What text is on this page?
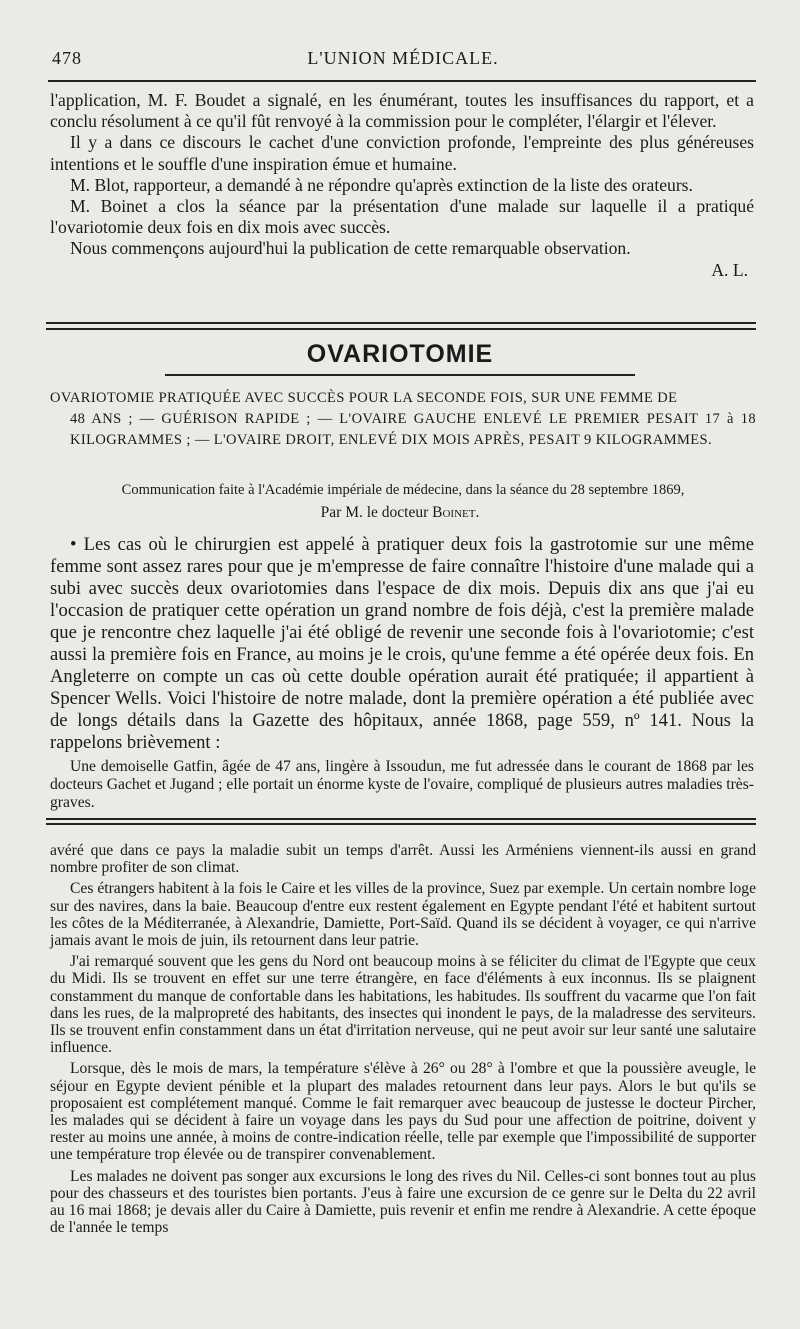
478	L'UNION MÉDICALE.

l'application, M. F. Boudet a signalé, en les énumérant, toutes les insuffisances du rapport, et a conclu résolument à ce qu'il fût renvoyé à la commission pour le compléter, l'élargir et l'élever.

Il y a dans ce discours le cachet d'une conviction profonde, l'empreinte des plus généreuses intentions et le souffle d'une inspiration émue et humaine.

M. Blot, rapporteur, a demandé à ne répondre qu'après extinction de la liste des orateurs.

M. Boinet a clos la séance par la présentation d'une malade sur laquelle il a pratiqué l'ovariotomie deux fois en dix mois avec succès.

Nous commençons aujourd'hui la publication de cette remarquable observation.

A. L.

OVARIOTOMIE
OVARIOTOMIE PRATIQUÉE AVEC SUCCÈS POUR LA SECONDE FOIS, SUR UNE FEMME DE
48 ANS ; — GUÉRISON RAPIDE ; — L'OVAIRE GAUCHE ENLEVÉ LE PREMIER PESAIT 17 à 18 KILOGRAMMES ; — L'OVAIRE DROIT, ENLEVÉ DIX MOIS APRÈS, PESAIT 9 KILOGRAMMES.
Communication faite à l'Académie impériale de médecine, dans la séance du 28 septembre 1869,
Par M. le docteur Boinet.

• Les cas où le chirurgien est appelé à pratiquer deux fois la gastrotomie sur une même femme sont assez rares pour que je m'empresse de faire connaître l'histoire d'une malade qui a subi avec succès deux ovariotomies dans l'espace de dix mois. Depuis dix ans que j'ai eu l'occasion de pratiquer cette opération un grand nombre de fois déjà, c'est la première malade que je rencontre chez laquelle j'ai été obligé de revenir une seconde fois à l'ovariotomie; c'est aussi la première fois en France, au moins je le crois, qu'une femme a été opérée deux fois. En Angleterre on compte un cas où cette double opération aurait été pratiquée; il appartient à Spencer Wells. Voici l'histoire de notre malade, dont la première opération a été publiée avec de longs détails dans la Gazette des hôpitaux, année 1868, page 559, nº 141. Nous la rappelons brièvement :

Une demoiselle Gatfin, âgée de 47 ans, lingère à Issoudun, me fut adressée dans le courant de 1868 par les docteurs Gachet et Jugand ; elle portait un énorme kyste de l'ovaire, compliqué de plusieurs autres maladies très-graves.

avéré que dans ce pays la maladie subit un temps d'arrêt. Aussi les Arméniens viennent-ils aussi en grand nombre profiter de son climat.

Ces étrangers habitent à la fois le Caire et les villes de la province, Suez par exemple. Un certain nombre loge sur des navires, dans la baie. Beaucoup d'entre eux restent également en Egypte pendant l'été et habitent surtout les côtes de la Méditerranée, à Alexandrie, Damiette, Port-Saïd. Quand ils se décident à voyager, ce qui n'arrive jamais avant le mois de juin, ils retournent dans leur patrie.

J'ai remarqué souvent que les gens du Nord ont beaucoup moins à se féliciter du climat de l'Egypte que ceux du Midi. Ils se trouvent en effet sur une terre étrangère, en face d'éléments à eux inconnus. Ils se plaignent constamment du manque de confortable dans les habitations, les habitudes. Ils souffrent du vacarme que l'on fait dans les rues, de la malpropreté des habitants, des insectes qui inondent le pays, de la maladresse des serviteurs. Ils se trouvent enfin constamment dans un état d'irritation nerveuse, qui ne peut avoir sur leur santé une salutaire influence.

Lorsque, dès le mois de mars, la température s'élève à 26° ou 28° à l'ombre et que la poussière aveugle, le séjour en Egypte devient pénible et la plupart des malades retournent dans leur pays. Alors le but qu'ils se proposaient est complétement manqué. Comme le fait remarquer avec beaucoup de justesse le docteur Pircher, les malades qui se décident à faire un voyage dans les pays du Sud pour une affection de poitrine, doivent y rester au moins une année, à moins de contre-indication réelle, telle par exemple que l'impossibilité de supporter une température trop élevée ou de transpirer convenablement.

Les malades ne doivent pas songer aux excursions le long des rives du Nil. Celles-ci sont bonnes tout au plus pour des chasseurs et des touristes bien portants. J'eus à faire une excursion de ce genre sur le Delta du 22 avril au 16 mai 1868; je devais aller du Caire à Damiette, puis revenir et enfin me rendre à Alexandrie. A cette époque de l'année le temps
